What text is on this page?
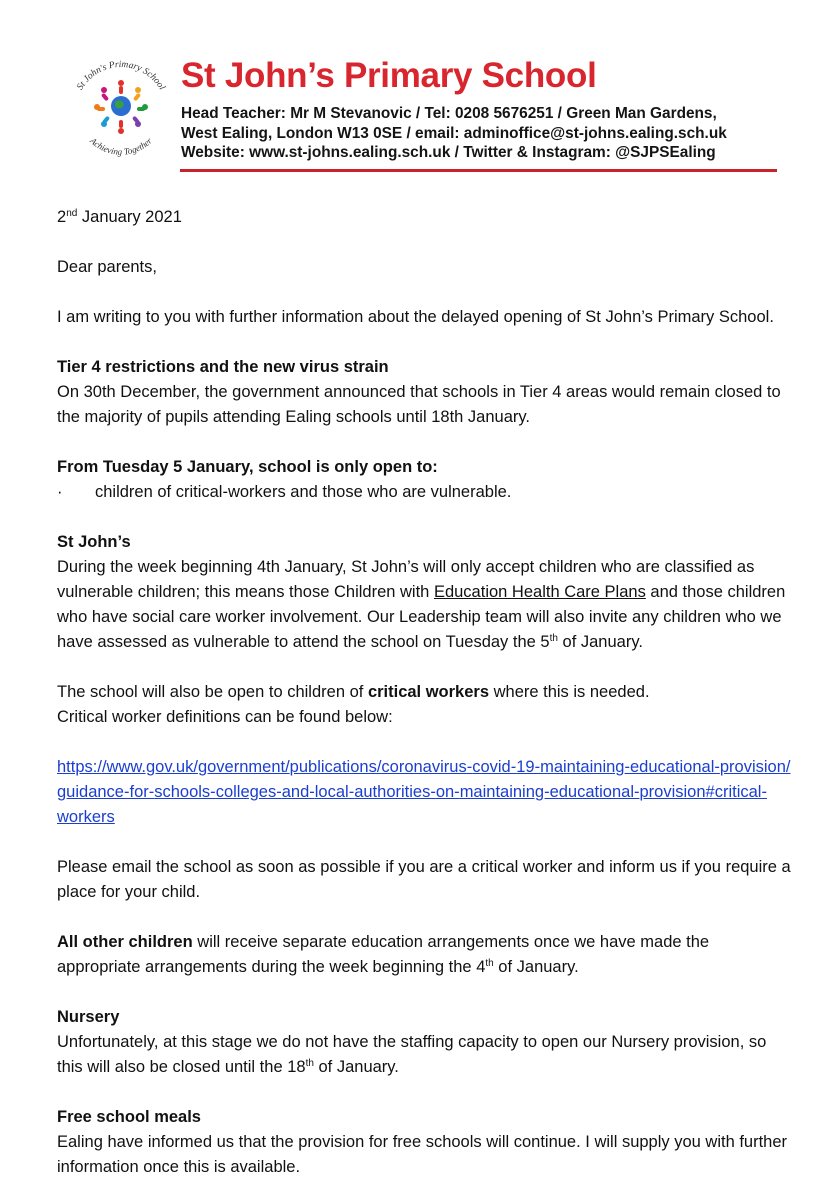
St John's Primary School
Achieving Together
St John’s Primary School
Head Teacher: Mr M Stevanovic / Tel: 0208 5676251 / Green Man Gardens,
West Ealing, London W13 0SE / email: adminoffice@st-johns.ealing.sch.uk
Website: www.st-johns.ealing.sch.uk / Twitter & Instagram: @SJPSEaling

2nd January 2021

Dear parents,

I am writing to you with further information about the delayed opening of St John’s Primary School.

Tier 4 restrictions and the new virus strain

On 30th December, the government announced that schools in Tier 4 areas would remain closed to the majority of pupils attending Ealing schools until 18th January.

From Tuesday 5 January, school is only open to:
·	children of critical-workers and those who are vulnerable.
St John’s

During the week beginning 4th January, St John’s will only accept children who are classified as vulnerable children; this means those Children with Education Health Care Plans and those children who have social care worker involvement. Our Leadership team will also invite any children who we have assessed as vulnerable to attend the school on Tuesday the 5th of January.

The school will also be open to children of critical workers where this is needed.
Critical worker definitions can be found below:

https://www.gov.uk/government/publications/coronavirus-covid-19-maintaining-educational-provision/guidance-for-schools-colleges-and-local-authorities-on-maintaining-educational-provision#critical-workers

Please email the school as soon as possible if you are a critical worker and inform us if you require a place for your child.

All other children will receive separate education arrangements once we have made the appropriate arrangements during the week beginning the 4th of January.

Nursery

Unfortunately, at this stage we do not have the staffing capacity to open our Nursery provision, so this will also be closed until the 18th of January.

Free school meals

Ealing have informed us that the provision for free schools will continue. I will supply you with further information once this is available.
